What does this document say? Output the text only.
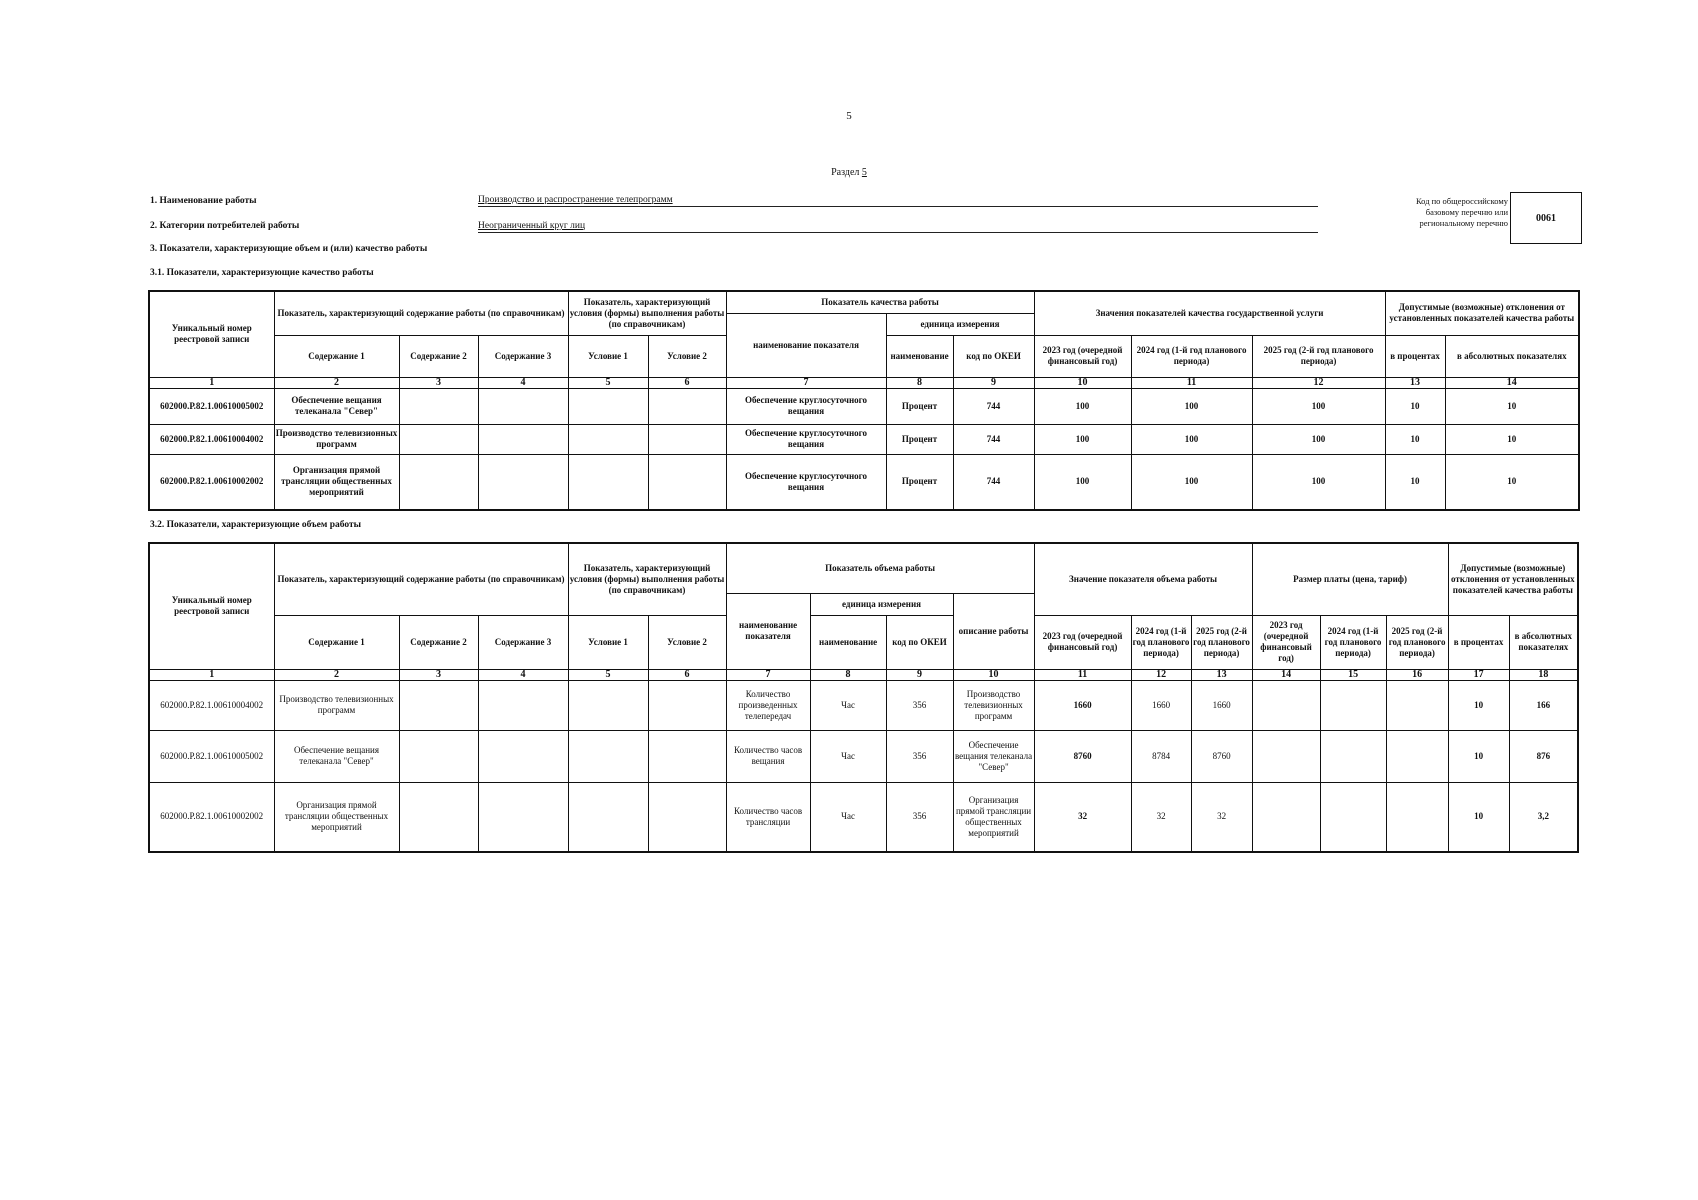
5
Раздел 5
1. Наименование работы	Производство и распространение телепрограмм
2. Категории потребителей работы	Неограниченный круг лиц
Код по общероссийскому базовому перечню или региональному перечню	0061
3. Показатели, характеризующие объем и (или) качество работы
3.1. Показатели, характеризующие качество работы
Уникальный номер реестровой записи	Показатель, характеризующий содержание работы (по справочникам)			Показатель, характеризующий условия (формы) выполнения работы (по справочникам)		Показатель качества работы			Значения показателей качества государственной услуги			Допустимые (возможные) отклонения от установленных показателей качества работы	
						наименование показателя	единица измерения						
	Содержание 1	Содержание 2	Содержание 3	Условие 1	Условие 2		наименование	код по ОКЕИ	2023 год (очередной финансовый год)	2024 год (1-й год планового периода)	2025 год (2-й год планового периода)	в процентах	в абсолютных показателях
1	2	3	4	5	6	7	8	9	10	11	12	13	14
602000.Р.82.1.00610005002	Обеспечение вещания телеканала "Север"					Обеспечение круглосуточного вещания	Процент	744	100	100	100	10	10
602000.Р.82.1.00610004002	Производство телевизионных программ					Обеспечение круглосуточного вещания	Процент	744	100	100	100	10	10
602000.Р.82.1.00610002002	Организация прямой трансляции общественных мероприятий					Обеспечение круглосуточного вещания	Процент	744	100	100	100	10	10
3.2. Показатели, характеризующие объем работы
Уникальный номер реестровой записи	Показатель, характеризующий содержание работы (по справочникам)			Показатель, характеризующий условия (формы) выполнения работы (по справочникам)		Показатель объема работы				Значение показателя объема работы			Размер платы (цена, тариф)			Допустимые (возможные) отклонения от установленных показателей качества работы	
						наименование показателя	единица измерения		описание работы								
	Содержание 1	Содержание 2	Содержание 3	Условие 1	Условие 2		наименование	код по ОКЕИ		2023 год (очередной финансовый год)	2024 год (1-й год планового периода)	2025 год (2-й год планового периода)	2023 год (очередной финансовый год)	2024 год (1-й год планового периода)	2025 год (2-й год планового периода)	в процентах	в абсолютных показателях
1	2	3	4	5	6	7	8	9	10	11	12	13	14	15	16	17	18
602000.Р.82.1.00610004002	Производство телевизионных программ					Количество произведенных телепередач	Час	356	Производство телевизионных программ	1660	1660	1660				10	166
602000.Р.82.1.00610005002	Обеспечение вещания телеканала "Север"					Количество часов вещания	Час	356	Обеспечение вещания телеканала "Север"	8760	8784	8760				10	876
602000.Р.82.1.00610002002	Организация прямой трансляции общественных мероприятий					Количество часов трансляции	Час	356	Организация прямой трансляции общественных мероприятий	32	32	32				10	3,2
